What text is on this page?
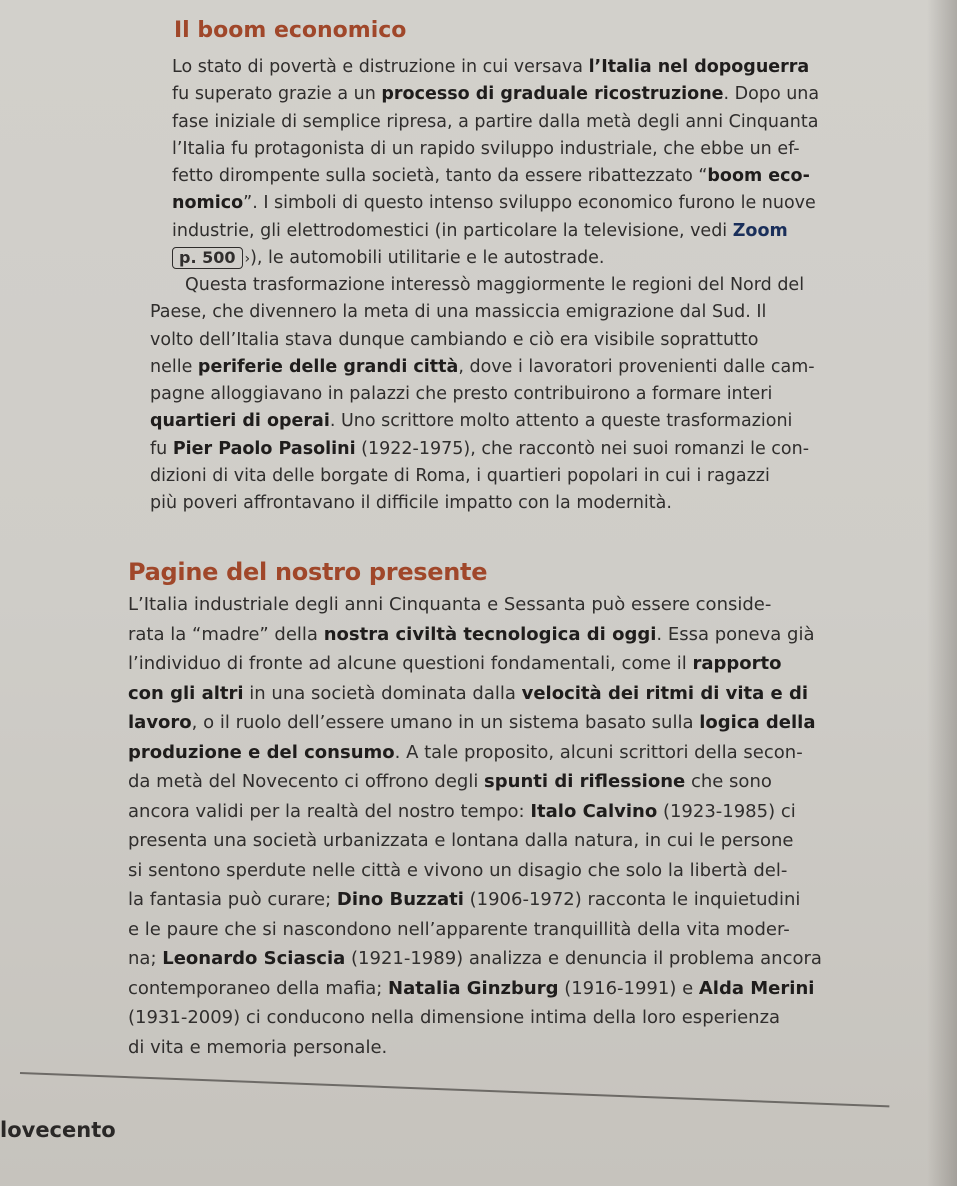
Il boom economico

Lo stato di povertà e distruzione in cui versava l’Italia nel dopoguerra
fu superato grazie a un processo di graduale ricostruzione. Dopo una
fase iniziale di semplice ripresa, a partire dalla metà degli anni Cinquanta
l’Italia fu protagonista di un rapido sviluppo industriale, che ebbe un ef-
fetto dirompente sulla società, tanto da essere ribattezzato “boom eco-
nomico”. I simboli di questo intenso sviluppo economico furono le nuove
industrie, gli elettrodomestici (in particolare la televisione, vedi Zoom
p. 500 ›), le automobili utilitarie e le autostrade.

  Questa trasformazione interessò maggiormente le regioni del Nord del
Paese, che divennero la meta di una massiccia emigrazione dal Sud. Il
volto dell’Italia stava dunque cambiando e ciò era visibile soprattutto
nelle periferie delle grandi città, dove i lavoratori provenienti dalle cam-
pagne alloggiavano in palazzi che presto contribuirono a formare interi
quartieri di operai. Uno scrittore molto attento a queste trasformazioni
fu Pier Paolo Pasolini (1922-1975), che raccontò nei suoi romanzi le con-
dizioni di vita delle borgate di Roma, i quartieri popolari in cui i ragazzi
più poveri affrontavano il difficile impatto con la modernità.

Pagine del nostro presente

L’Italia industriale degli anni Cinquanta e Sessanta può essere conside-
rata la “madre” della nostra civiltà tecnologica di oggi. Essa poneva già
l’individuo di fronte ad alcune questioni fondamentali, come il rapporto
con gli altri in una società dominata dalla velocità dei ritmi di vita e di
lavoro, o il ruolo dell’essere umano in un sistema basato sulla logica della
produzione e del consumo. A tale proposito, alcuni scrittori della secon-
da metà del Novecento ci offrono degli spunti di riflessione che sono
ancora validi per la realtà del nostro tempo: Italo Calvino (1923-1985) ci
presenta una società urbanizzata e lontana dalla natura, in cui le persone
si sentono sperdute nelle città e vivono un disagio che solo la libertà del-
la fantasia può curare; Dino Buzzati (1906-1972) racconta le inquietudini
e le paure che si nascondono nell’apparente tranquillità della vita moder-
na; Leonardo Sciascia (1921-1989) analizza e denuncia il problema ancora
contemporaneo della mafia; Natalia Ginzburg (1916-1991) e Alda Merini
(1931-2009) ci conducono nella dimensione intima della loro esperienza
di vita e memoria personale.

lovecento
